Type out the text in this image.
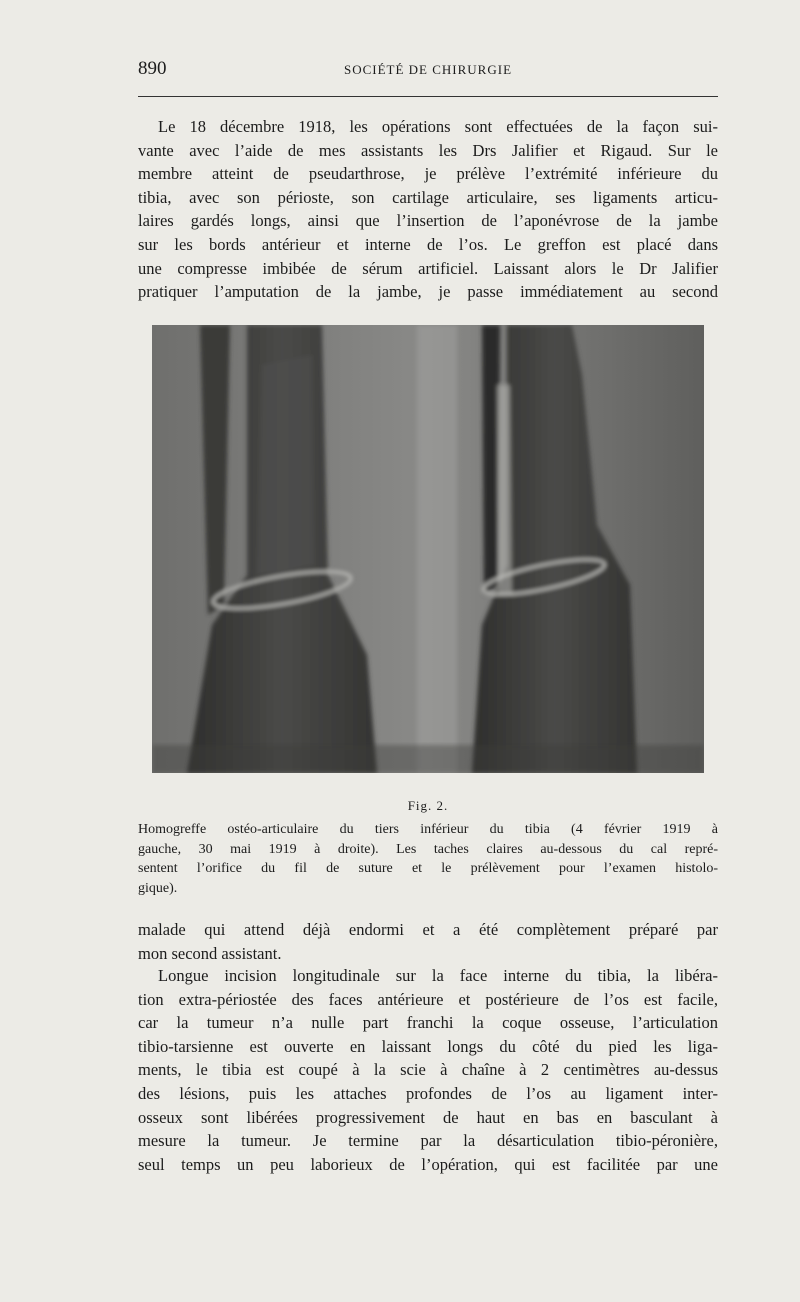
890	SOCIÉTÉ DE CHIRURGIE

Le 18 décembre 1918, les opérations sont effectuées de la façon sui-
vante avec l’aide de mes assistants les Drs Jalifier et Rigaud. Sur le
membre atteint de pseudarthrose, je prélève l’extrémité inférieure du
tibia, avec son périoste, son cartilage articulaire, ses ligaments articu-
laires gardés longs, ainsi que l’insertion de l’aponévrose de la jambe
sur les bords antérieur et interne de l’os. Le greffon est placé dans
une compresse imbibée de sérum artificiel. Laissant alors le Dr Jalifier
pratiquer l’amputation de la jambe, je passe immédiatement au second

Fig. 2.

Homogreffe ostéo-articulaire du tiers inférieur du tibia (4 février 1919 à
gauche, 30 mai 1919 à droite). Les taches claires au-dessous du cal repré-
sentent l’orifice du fil de suture et le prélèvement pour l’examen histolo-
gique).

malade qui attend déjà endormi et a été complètement préparé par
mon second assistant.

Longue incision longitudinale sur la face interne du tibia, la libéra-
tion extra-périostée des faces antérieure et postérieure de l’os est facile,
car la tumeur n’a nulle part franchi la coque osseuse, l’articulation
tibio-tarsienne est ouverte en laissant longs du côté du pied les liga-
ments, le tibia est coupé à la scie à chaîne à 2 centimètres au-dessus
des lésions, puis les attaches profondes de l’os au ligament inter-
osseux sont libérées progressivement de haut en bas en basculant à
mesure la tumeur. Je termine par la désarticulation tibio-péronière,
seul temps un peu laborieux de l’opération, qui est facilitée par une
